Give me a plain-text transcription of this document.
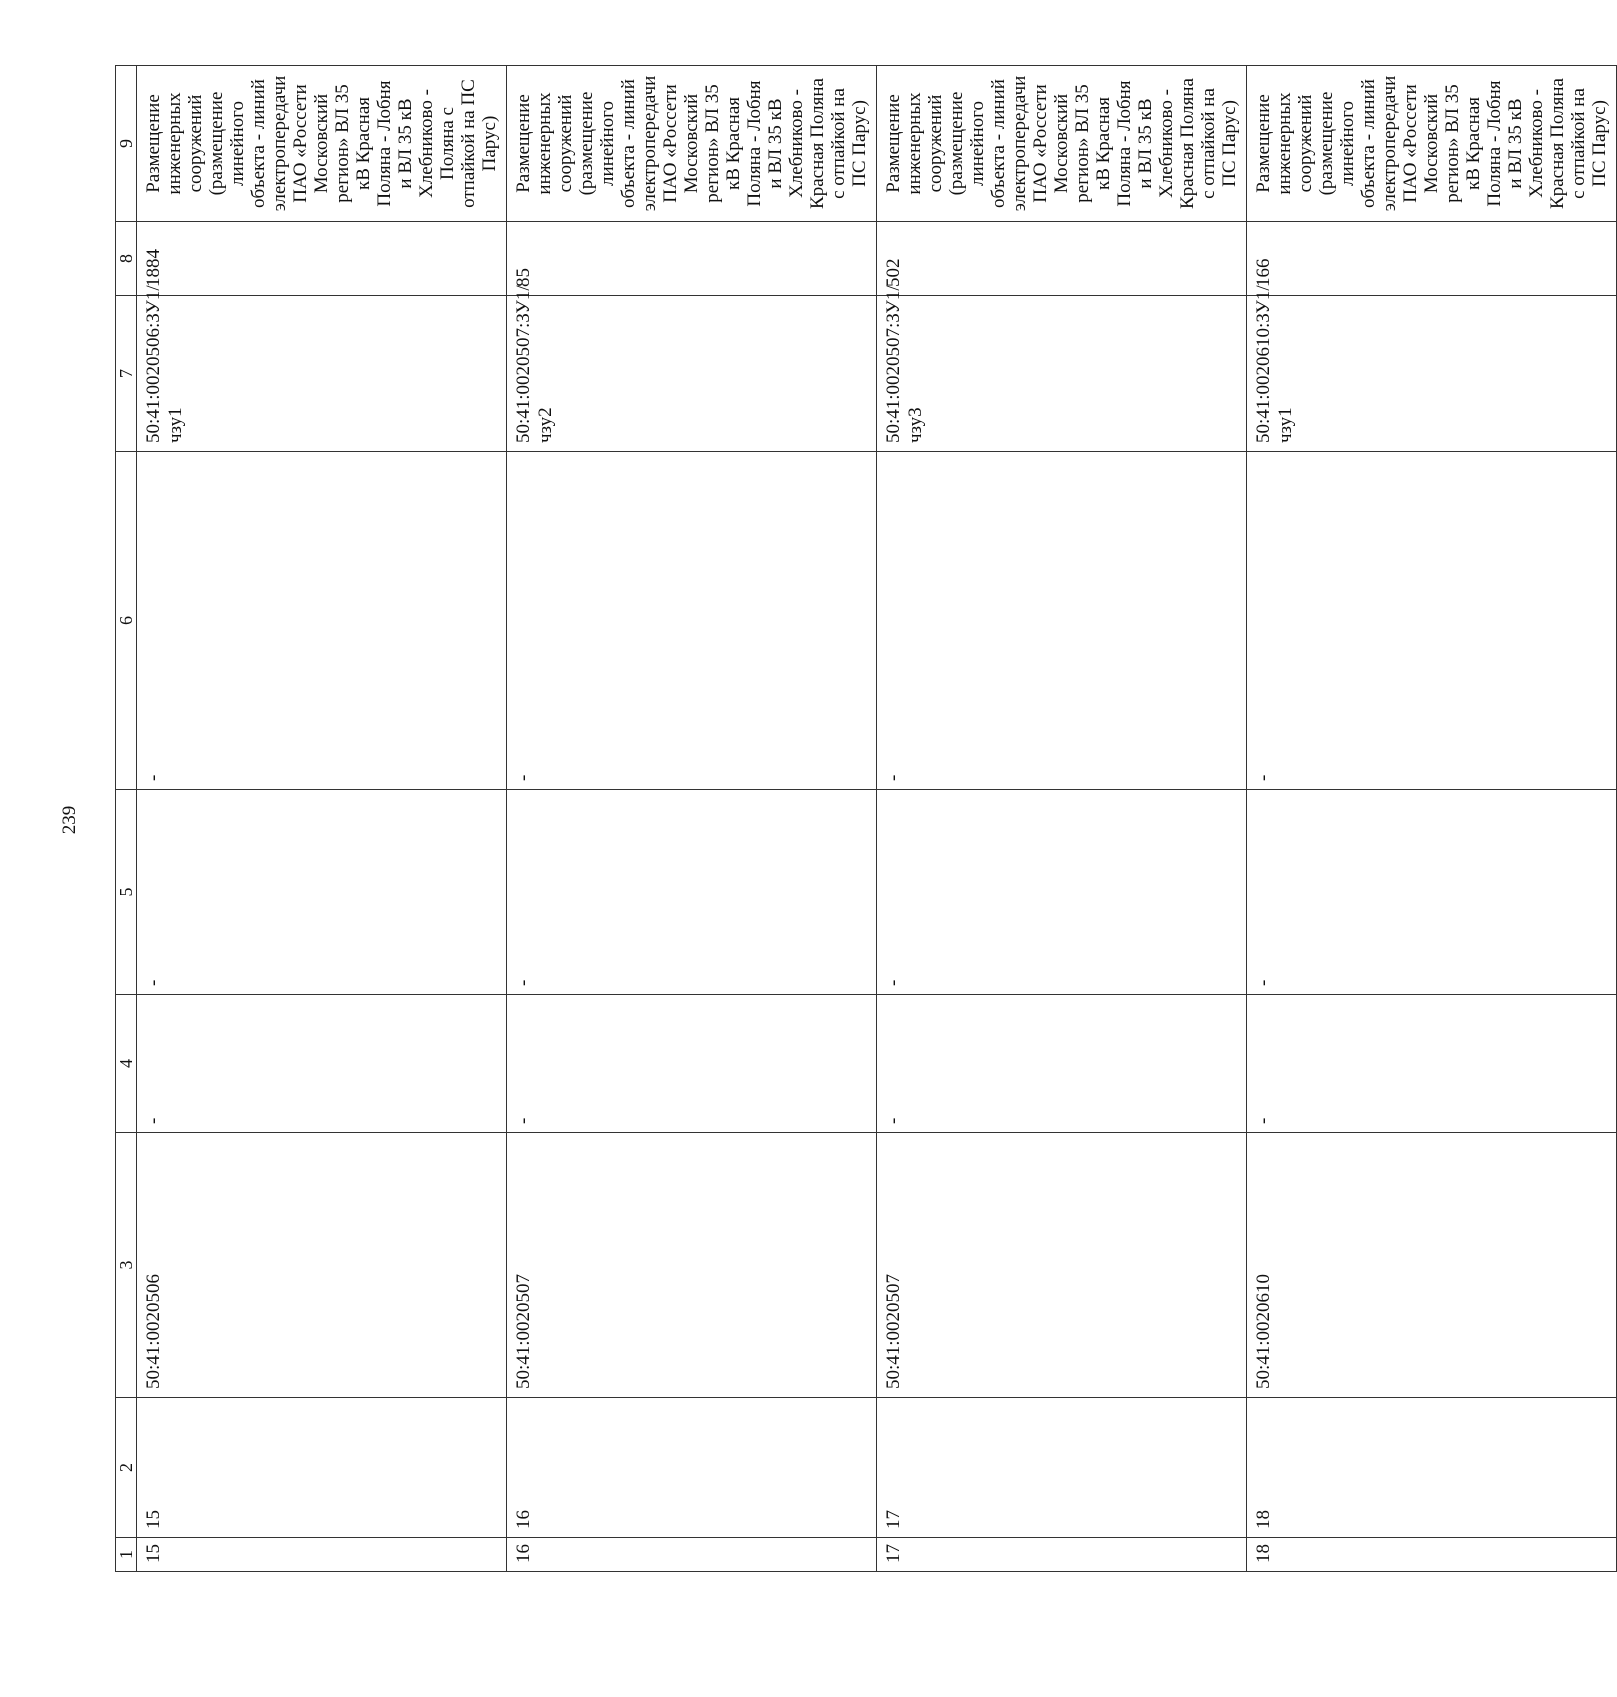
239
1	2	3	4	5	6	7	8	9
15	15	50:41:0020506	-	-	-	50:41:0020506:ЗУ1/чзу1	1884	Размещение инженерных сооружений (размещение линейного объекта - линий электропередачи ПАО «Россети Московский регион» ВЛ 35 кВ Красная Поляна - Лобня и ВЛ 35 кВ Хлебниково - Поляна с отпайкой на ПС Парус)
16	16	50:41:0020507	-	-	-	50:41:0020507:ЗУ1/чзу2	85	Размещение инженерных сооружений (размещение линейного объекта - линий электропередачи ПАО «Россети Московский регион» ВЛ 35 кВ Красная Поляна - Лобня и ВЛ 35 кВ Хлебниково - Красная Поляна с отпайкой на ПС Парус)
17	17	50:41:0020507	-	-	-	50:41:0020507:ЗУ1/чзу3	502	Размещение инженерных сооружений (размещение линейного объекта - линий электропередачи ПАО «Россети Московский регион» ВЛ 35 кВ Красная Поляна - Лобня и ВЛ 35 кВ Хлебниково - Красная Поляна с отпайкой на ПС Парус)
18	18	50:41:0020610	-	-	-	50:41:0020610:ЗУ1/чзу1	166	Размещение инженерных сооружений (размещение линейного объекта - линий электропередачи ПАО «Россети Московский регион» ВЛ 35 кВ Красная Поляна - Лобня и ВЛ 35 кВ Хлебниково - Красная Поляна с отпайкой на ПС Парус)
